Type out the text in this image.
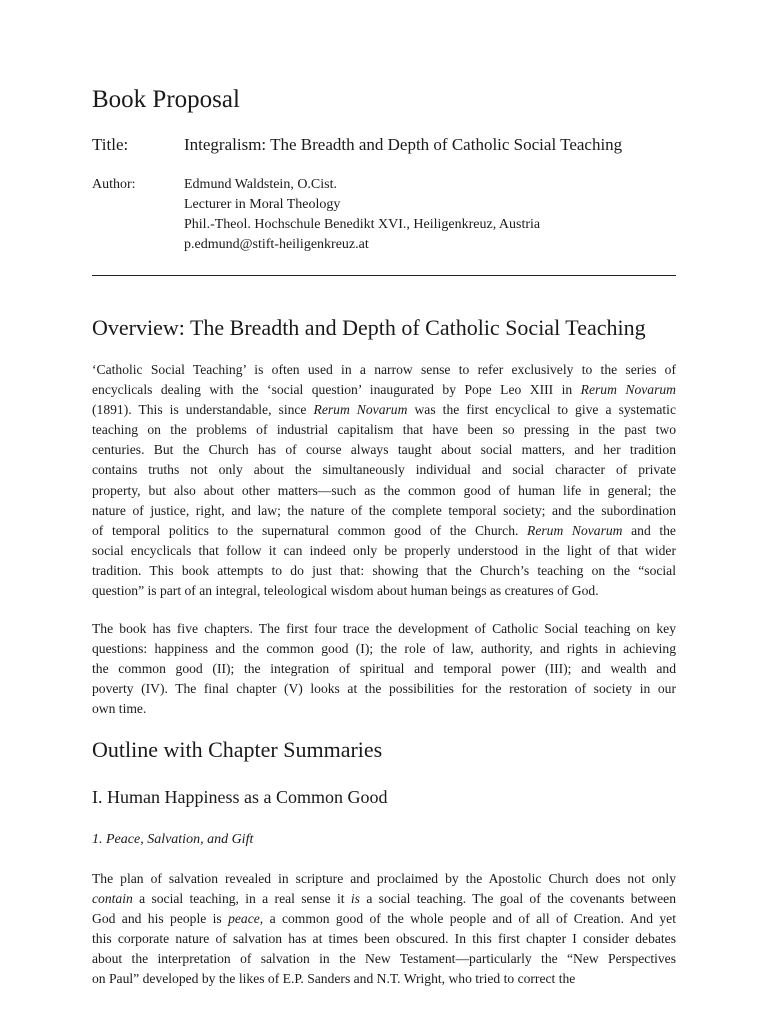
Book Proposal
Title:	Integralism: The Breadth and Depth of Catholic Social Teaching
Author:	Edmund Waldstein, O.Cist.
Lecturer in Moral Theology
Phil.-Theol. Hochschule Benedikt XVI., Heiligenkreuz, Austria
p.edmund@stift-heiligenkreuz.at
Overview: The Breadth and Depth of Catholic Social Teaching
‘Catholic Social Teaching’ is often used in a narrow sense to refer exclusively to the series of
encyclicals dealing with the ‘social question’ inaugurated by Pope Leo XIII in Rerum Novarum
(1891). This is understandable, since Rerum Novarum was the first encyclical to give a systematic
teaching on the problems of industrial capitalism that have been so pressing in the past two
centuries. But the Church has of course always taught about social matters, and her tradition
contains truths not only about the simultaneously individual and social character of private
property, but also about other matters—such as the common good of human life in general; the
nature of justice, right, and law; the nature of the complete temporal society; and the subordination
of temporal politics to the supernatural common good of the Church. Rerum Novarum and the
social encyclicals that follow it can indeed only be properly understood in the light of that wider
tradition. This book attempts to do just that: showing that the Church’s teaching on the “social
question” is part of an integral, teleological wisdom about human beings as creatures of God.
The book has five chapters. The first four trace the development of Catholic Social teaching on key
questions: happiness and the common good (I); the role of law, authority, and rights in achieving
the common good (II); the integration of spiritual and temporal power (III); and wealth and
poverty (IV). The final chapter (V) looks at the possibilities for the restoration of society in our
own time.
Outline with Chapter Summaries
I. Human Happiness as a Common Good
1. Peace, Salvation, and Gift
The plan of salvation revealed in scripture and proclaimed by the Apostolic Church does not only
contain a social teaching, in a real sense it is a social teaching. The goal of the covenants between
God and his people is peace, a common good of the whole people and of all of Creation. And yet
this corporate nature of salvation has at times been obscured. In this first chapter I consider debates
about the interpretation of salvation in the New Testament—particularly the “New Perspectives
on Paul” developed by the likes of E.P. Sanders and N.T. Wright, who tried to correct the
